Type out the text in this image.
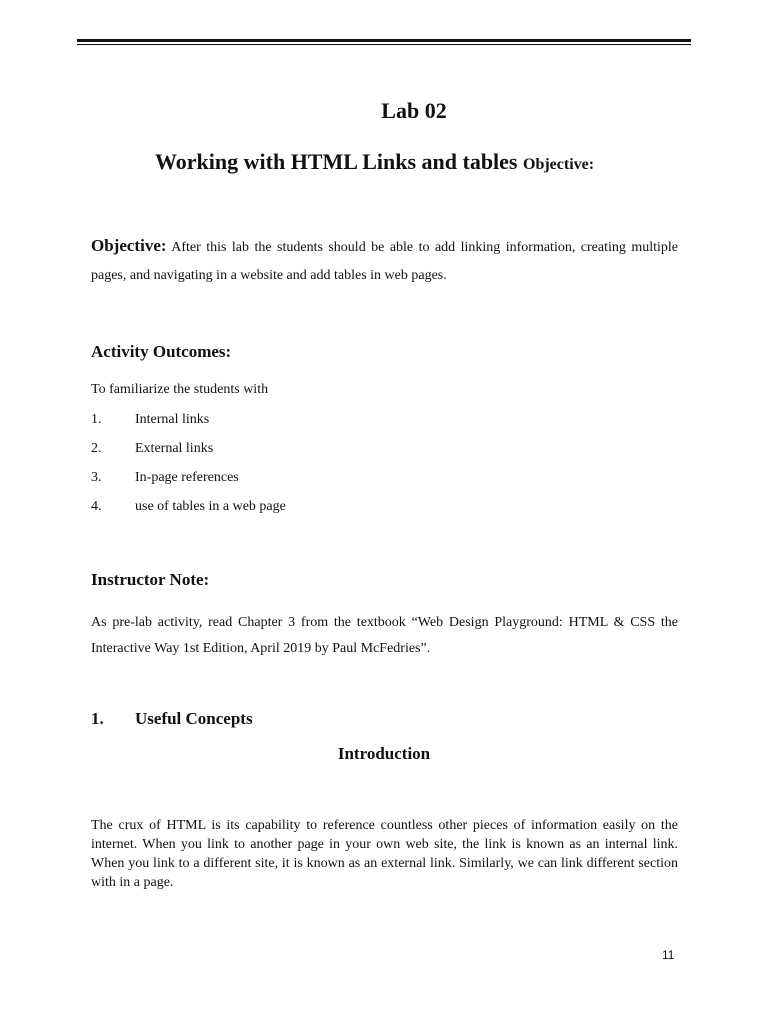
Lab 02
Working with HTML Links and tables Objective:
Objective: After this lab the students should be able to add linking information, creating multiple pages, and navigating in a website and add tables in web pages.
Activity Outcomes:
To familiarize the students with
1. Internal links
2. External links
3. In-page references
4. use of tables in a web page
Instructor Note:
As pre-lab activity, read Chapter 3 from the textbook “Web Design Playground: HTML & CSS the Interactive Way 1st Edition, April 2019 by Paul McFedries”.
1. Useful Concepts
Introduction
The crux of HTML is its capability to reference countless other pieces of information easily on the internet. When you link to another page in your own web site, the link is known as an internal link. When you link to a different site, it is known as an external link. Similarly, we can link different section with in a page.
11
